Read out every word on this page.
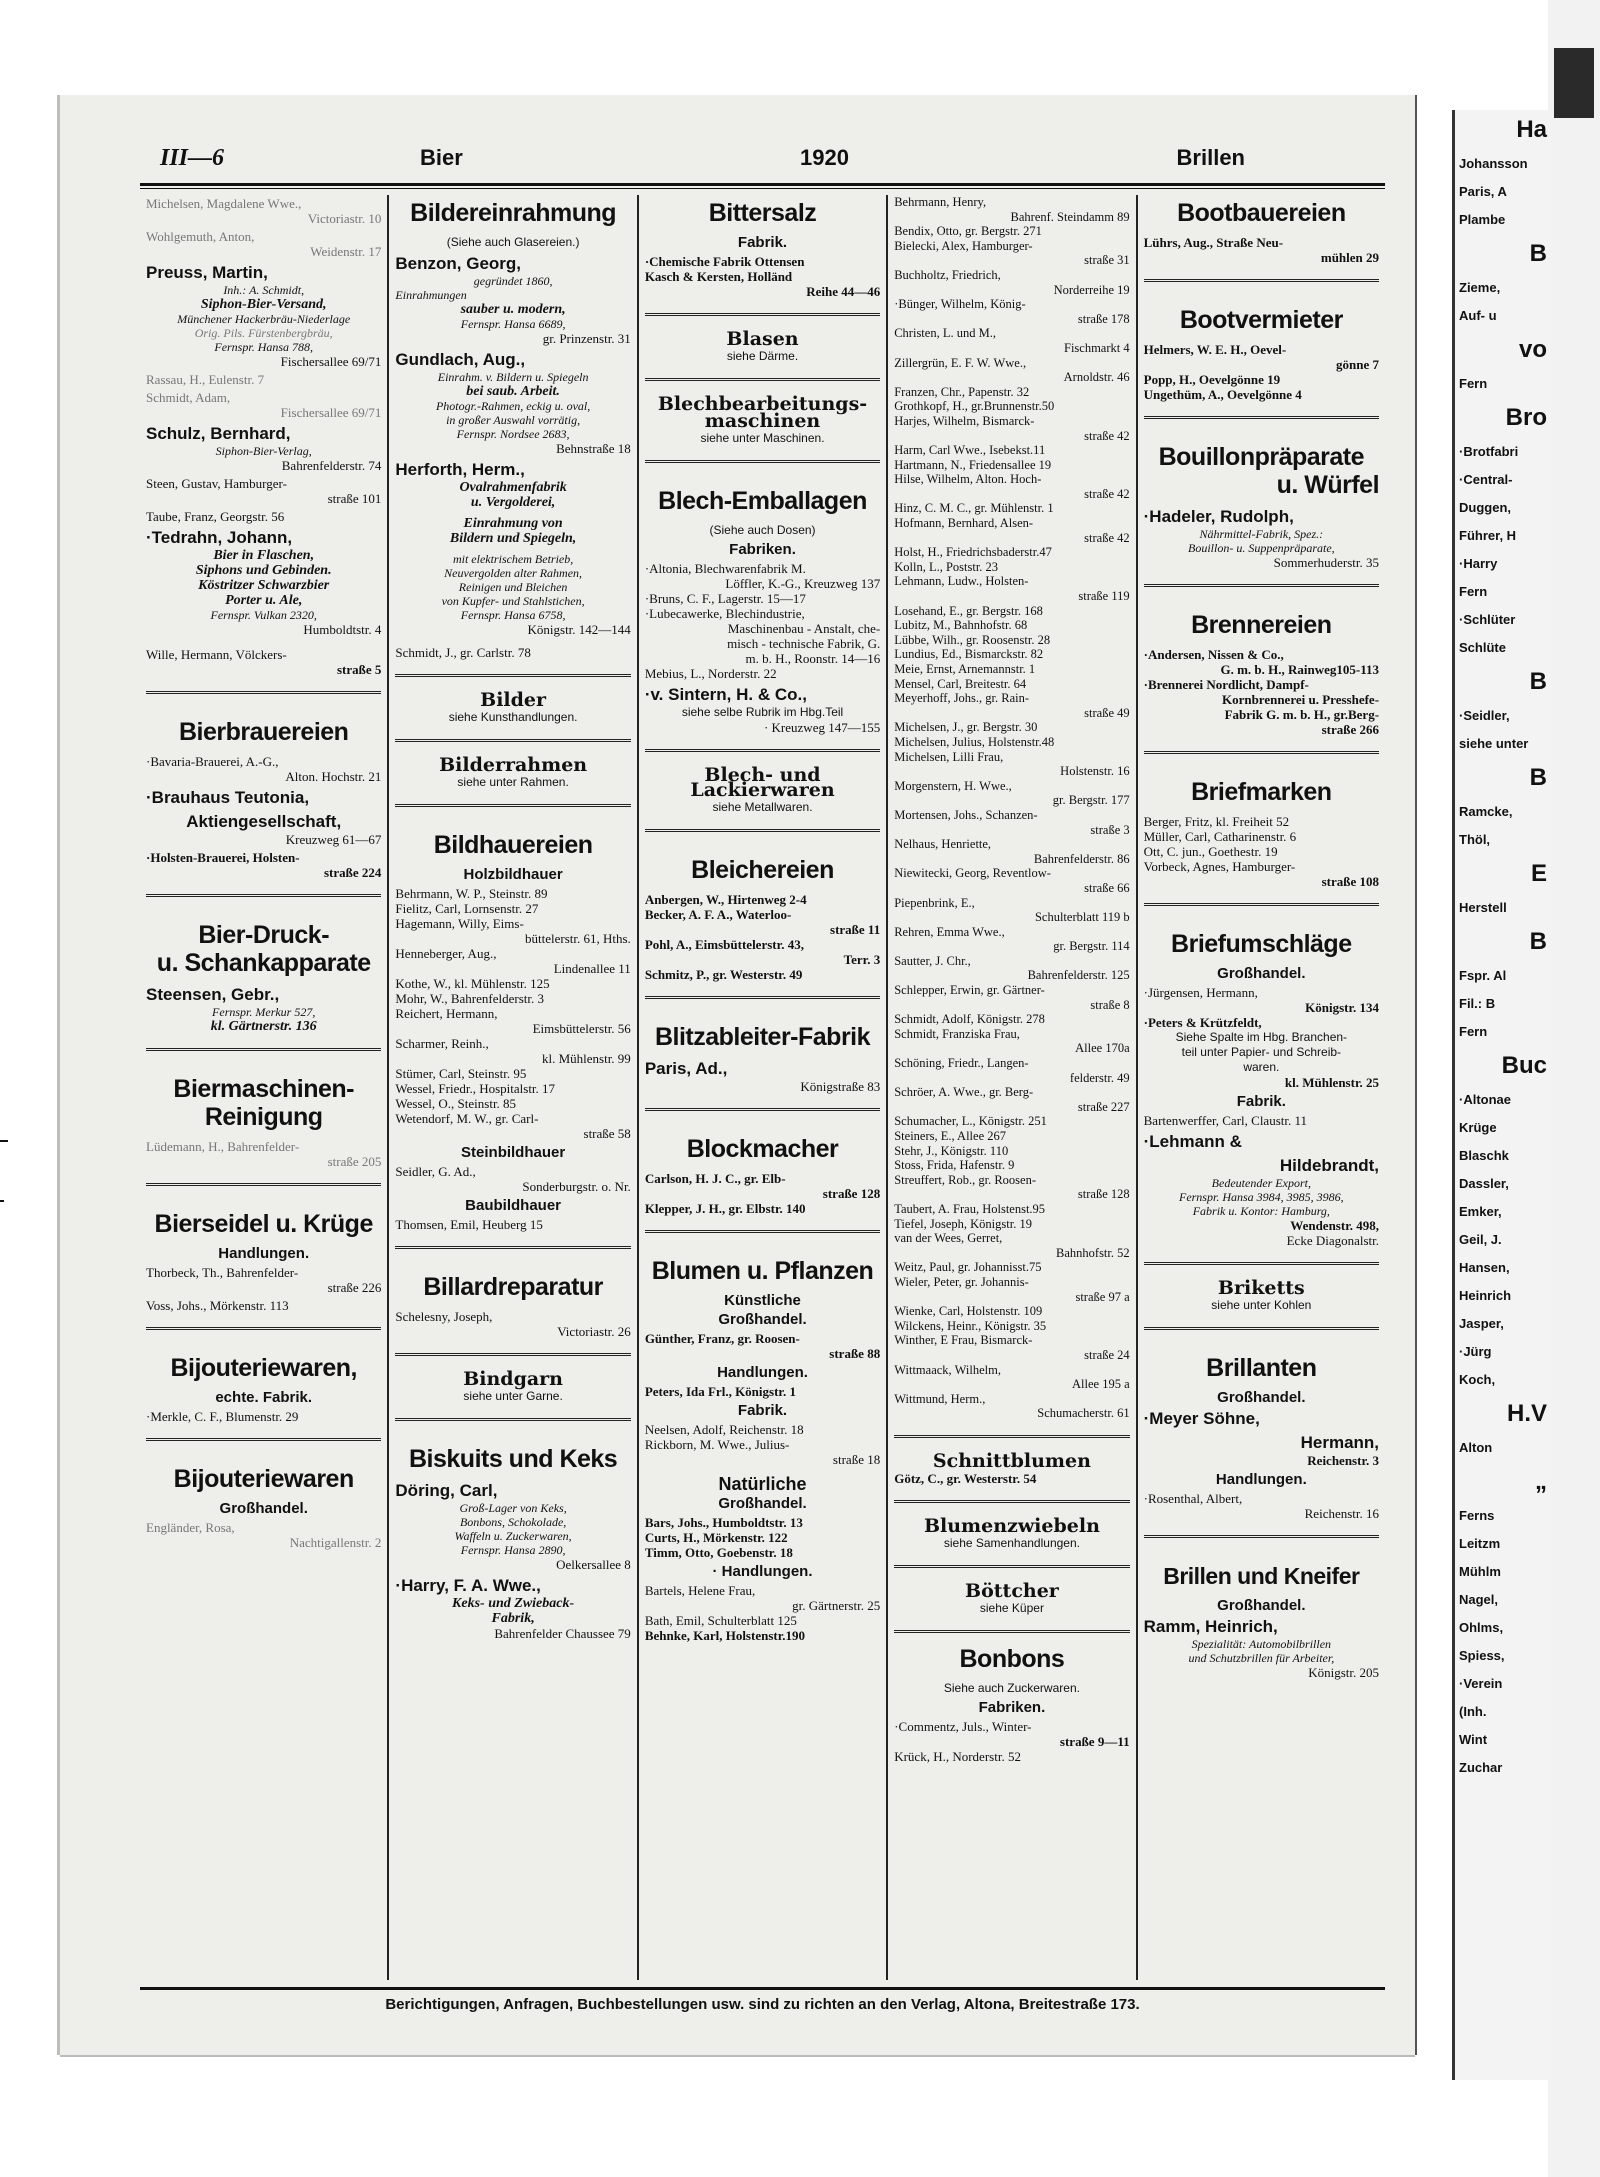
Ha
Johansson
Paris, A
Plambe
B
Zieme,
Auf- u
vo
Fern
Bro
·Brotfabri
·Central-
Duggen,
Führer, H
·Harry
Fern
·Schlüter
Schlüte
B
·Seidler,
siehe unter
B
Ramcke,
Thöl,
E
Herstell
B
Fspr. Al
Fil.: B
Fern
Buc
·Altonae
Krüge
Blaschk
Dassler,
Emker,
Geil, J.
Hansen,
Heinrich
Jasper,
·Jürg
Koch,
H.V
Alton
„
Ferns
Leitzm
Mühlm
Nagel,
Ohlms,
Spiess,
·Verein
(Inh.
Wint
Zuchar
III—6	Bier	1920	Brillen
Michelsen, Magdalene Wwe.,
Victoriastr. 10
Wohlgemuth, Anton,
Weidenstr. 17
Preuss, Martin,
Inh.: A. Schmidt,
Siphon-Bier-Versand,
Münchener Hackerbräu-Niederlage
Orig. Pils. Fürstenbergbräu,
Fernspr. Hansa 788,
Fischersallee 69/71
Rassau, H., Eulenstr. 7
Schmidt, Adam,
Fischersallee 69/71
Schulz, Bernhard,
Siphon-Bier-Verlag,
Bahrenfelderstr. 74
Steen, Gustav, Hamburger-
straße 101
Taube, Franz, Georgstr. 56
·Tedrahn, Johann,
Bier in Flaschen,
Siphons und Gebinden.
Köstritzer Schwarzbier
Porter u. Ale,
Fernspr. Vulkan 2320,
Humboldtstr. 4
Wille, Hermann, Völckers-
straße 5
Bierbrauereien
·Bavaria-Brauerei, A.-G.,
Alton. Hochstr. 21
·Brauhaus Teutonia,
Aktiengesellschaft,
Kreuzweg 61—67
·Holsten-Brauerei, Holsten-
straße 224
Bier-Druck-
u. Schankapparate
Steensen, Gebr.,
Fernspr. Merkur 527,
kl. Gärtnerstr. 136
Biermaschinen-
Reinigung
Lüdemann, H., Bahrenfelder-
straße 205
Bierseidel u. Krüge
Handlungen.
Thorbeck, Th., Bahrenfelder-
straße 226
Voss, Johs., Mörkenstr. 113
Bijouteriewaren,
echte. Fabrik.
·Merkle, C. F., Blumenstr. 29
Bijouteriewaren
Großhandel.
Engländer, Rosa,
Nachtigallenstr. 2
Bildereinrahmung
(Siehe auch Glasereien.)
Benzon, Georg,
gegründet 1860,
Einrahmungen
sauber u. modern,
Fernspr. Hansa 6689,
gr. Prinzenstr. 31
Gundlach, Aug.,
Einrahm. v. Bildern u. Spiegeln
bei saub. Arbeit.
Photogr.-Rahmen, eckig u. oval,
in großer Auswahl vorrätig,
Fernspr. Nordsee 2683,
Behnstraße 18
Herforth, Herm.,
Ovalrahmenfabrik
u. Vergolderei,
Einrahmung von
Bildern und Spiegeln,
mit elektrischem Betrieb,
Neuvergolden alter Rahmen,
Reinigen und Bleichen
von Kupfer- und Stahlstichen,
Fernspr. Hansa 6758,
Königstr. 142—144
Schmidt, J., gr. Carlstr. 78
Bilder
siehe Kunsthandlungen.
Bilderrahmen
siehe unter Rahmen.
Bildhauereien
Holzbildhauer
Behrmann, W. P., Steinstr. 89
Fielitz, Carl, Lornsenstr. 27
Hagemann, Willy, Eims-
büttelerstr. 61, Hths.
Henneberger, Aug.,
Lindenallee 11
Kothe, W., kl. Mühlenstr. 125
Mohr, W., Bahrenfelderstr. 3
Reichert, Hermann,
Eimsbüttelerstr. 56
Scharmer, Reinh.,
kl. Mühlenstr. 99
Stümer, Carl, Steinstr. 95
Wessel, Friedr., Hospitalstr. 17
Wessel, O., Steinstr. 85
Wetendorf, M. W., gr. Carl-
straße 58
Steinbildhauer
Seidler, G. Ad.,
Sonderburgstr. o. Nr.
Baubildhauer
Thomsen, Emil, Heuberg 15
Billardreparatur
Schelesny, Joseph,
Victoriastr. 26
Bindgarn
siehe unter Garne.
Biskuits und Keks
Döring, Carl,
Groß-Lager von Keks,
Bonbons, Schokolade,
Waffeln u. Zuckerwaren,
Fernspr. Hansa 2890,
Oelkersallee 8
·Harry, F. A. Wwe.,
Keks- und Zwieback-
Fabrik,
Bahrenfelder Chaussee 79
Bittersalz
Fabrik.
·Chemische Fabrik Ottensen
Kasch & Kersten, Holländ
Reihe 44—46
Blasen
siehe Därme.
Blechbearbeitungs-
maschinen
siehe unter Maschinen.
Blech-Emballagen
(Siehe auch Dosen)
Fabriken.
·Altonia, Blechwarenfabrik M.
Löffler, K.-G., Kreuzweg 137
·Bruns, C. F., Lagerstr. 15—17
·Lubecawerke, Blechindustrie,
Maschinenbau - Anstalt, che-
misch - technische Fabrik, G.
m. b. H., Roonstr. 14—16
Mebius, L., Norderstr. 22
·v. Sintern, H. & Co.,
siehe selbe Rubrik im Hbg.Teil
· Kreuzweg 147—155
Blech- und Lackierwaren
siehe Metallwaren.
Bleichereien
Anbergen, W., Hirtenweg 2-4
Becker, A. F. A., Waterloo-
straße 11
Pohl, A., Eimsbüttelerstr. 43,
Terr. 3
Schmitz, P., gr. Westerstr. 49
Blitzableiter-Fabrik
Paris, Ad.,
Königstraße 83
Blockmacher
Carlson, H. J. C., gr. Elb-
straße 128
Klepper, J. H., gr. Elbstr. 140
Blumen u. Pflanzen
Künstliche
Großhandel.
Günther, Franz, gr. Roosen-
straße 88
Handlungen.
Peters, Ida Frl., Königstr. 1
Fabrik.
Neelsen, Adolf, Reichenstr. 18
Rickborn, M. Wwe., Julius-
straße 18
Natürliche
Großhandel.
Bars, Johs., Humboldtstr. 13
Curts, H., Mörkenstr. 122
Timm, Otto, Goebenstr. 18
· Handlungen.
Bartels, Helene Frau,
gr. Gärtnerstr. 25
Bath, Emil, Schulterblatt 125
Behnke, Karl, Holstenstr.190
Behrmann, Henry,
Bahrenf. Steindamm 89
Bendix, Otto, gr. Bergstr. 271
Bielecki, Alex, Hamburger-
straße 31
Buchholtz, Friedrich,
Norderreihe 19
·Bünger, Wilhelm, König-
straße 178
Christen, L. und M.,
Fischmarkt 4
Zillergrün, E. F. W. Wwe.,
Arnoldstr. 46
Franzen, Chr., Papenstr. 32
Grothkopf, H., gr.Brunnenstr.50
Harjes, Wilhelm, Bismarck-
straße 42
Harm, Carl Wwe., Isebekst.11
Hartmann, N., Friedensallee 19
Hilse, Wilhelm, Alton. Hoch-
straße 42
Hinz, C. M. C., gr. Mühlenstr. 1
Hofmann, Bernhard, Alsen-
straße 42
Holst, H., Friedrichsbaderstr.47
Kolln, L., Poststr. 23
Lehmann, Ludw., Holsten-
straße 119
Losehand, E., gr. Bergstr. 168
Lubitz, M., Bahnhofstr. 68
Lübbe, Wilh., gr. Roosenstr. 28
Lundius, Ed., Bismarckstr. 82
Meie, Ernst, Arnemannstr. 1
Mensel, Carl, Breitestr. 64
Meyerhoff, Johs., gr. Rain-
straße 49
Michelsen, J., gr. Bergstr. 30
Michelsen, Julius, Holstenstr.48
Michelsen, Lilli Frau,
Holstenstr. 16
Morgenstern, H. Wwe.,
gr. Bergstr. 177
Mortensen, Johs., Schanzen-
straße 3
Nelhaus, Henriette,
Bahrenfelderstr. 86
Niewitecki, Georg, Reventlow-
straße 66
Piepenbrink, E.,
Schulterblatt 119 b
Rehren, Emma Wwe.,
gr. Bergstr. 114
Sautter, J. Chr.,
Bahrenfelderstr. 125
Schlepper, Erwin, gr. Gärtner-
straße 8
Schmidt, Adolf, Königstr. 278
Schmidt, Franziska Frau,
Allee 170a
Schöning, Friedr., Langen-
felderstr. 49
Schröer, A. Wwe., gr. Berg-
straße 227
Schumacher, L., Königstr. 251
Steiners, E., Allee 267
Stehr, J., Königstr. 110
Stoss, Frida, Hafenstr. 9
Streuffert, Rob., gr. Roosen-
straße 128
Taubert, A. Frau, Holstenst.95
Tiefel, Joseph, Königstr. 19
van der Wees, Gerret,
Bahnhofstr. 52
Weitz, Paul, gr. Johannisst.75
Wieler, Peter, gr. Johannis-
straße 97 a
Wienke, Carl, Holstenstr. 109
Wilckens, Heinr., Königstr. 35
Winther, E Frau, Bismarck-
straße 24
Wittmaack, Wilhelm,
Allee 195 a
Wittmund, Herm.,
Schumacherstr. 61
Schnittblumen
Götz, C., gr. Westerstr. 54
Blumenzwiebeln
siehe Samenhandlungen.
Böttcher
siehe Küper
Bonbons
Siehe auch Zuckerwaren.
Fabriken.
·Commentz, Juls., Winter-
straße 9—11
Krück, H., Norderstr. 52
Bootbauereien
Lührs, Aug., Straße Neu-
mühlen 29
Bootvermieter
Helmers, W. E. H., Oevel-
gönne 7
Popp, H., Oevelgönne 19
Ungethüm, A., Oevelgönne 4
Bouillonpräparate
u. Würfel
·Hadeler, Rudolph,
Nährmittel-Fabrik, Spez.:
Bouillon- u. Suppenpräparate,
Sommerhuderstr. 35
Brennereien
·Andersen, Nissen & Co.,
G. m. b. H., Rainweg105-113
·Brennerei Nordlicht, Dampf-
Kornbrennerei u. Presshefe-
Fabrik G. m. b. H., gr.Berg-
straße 266
Briefmarken
Berger, Fritz, kl. Freiheit 52
Müller, Carl, Catharinenstr. 6
Ott, C. jun., Goethestr. 19
Vorbeck, Agnes, Hamburger-
straße 108
Briefumschläge
Großhandel.
·Jürgensen, Hermann,
Königstr. 134
·Peters & Krützfeldt,
Siehe Spalte im Hbg. Branchen-
teil unter Papier- und Schreib-
waren.
kl. Mühlenstr. 25
Fabrik.
Bartenwerffer, Carl, Claustr. 11
·Lehmann &
Hildebrandt,
Bedeutender Export,
Fernspr. Hansa 3984, 3985, 3986,
Fabrik u. Kontor: Hamburg,
Wendenstr. 498,
Ecke Diagonalstr.
Briketts
siehe unter Kohlen
Brillanten
Großhandel.
·Meyer Söhne,
Hermann,
Reichenstr. 3
Handlungen.
·Rosenthal, Albert,
Reichenstr. 16
Brillen und Kneifer
Großhandel.
Ramm, Heinrich,
Spezialität: Automobilbrillen
und Schutzbrillen für Arbeiter,
Königstr. 205
Berichtigungen, Anfragen, Buchbestellungen usw. sind zu richten an den Verlag, Altona, Breitestraße 173.
